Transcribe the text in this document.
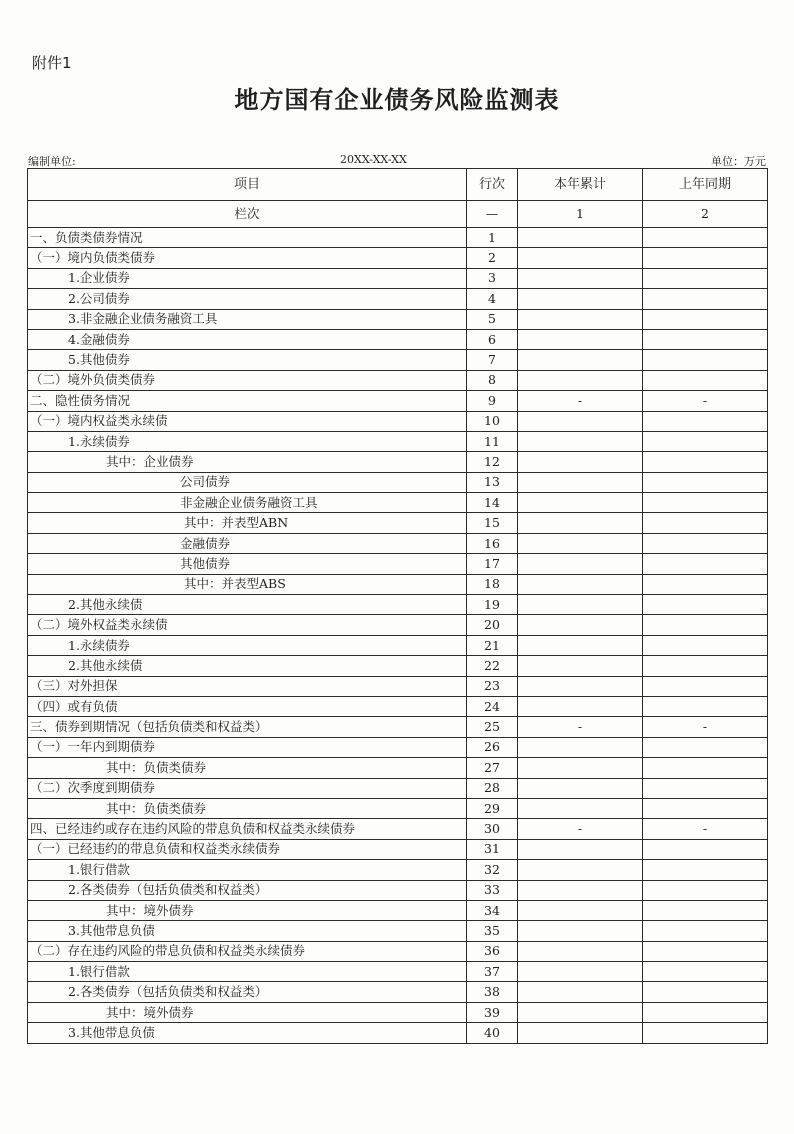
附件1
地方国有企业债务风险监测表
编制单位:	20XX-XX-XX	单位：万元
项目	行次	本年累计	上年同期
栏次	—	1	2
一、负债类债券情况	1		
（一）境内负债类债券	2		
1.企业债券	3		
2.公司债券	4		
3.非金融企业债务融资工具	5		
4.金融债券	6		
5.其他债券	7		
（二）境外负债类债券	8		
二、隐性债务情况	9	-	-
（一）境内权益类永续债	10		
1.永续债券	11		
其中：企业债券	12		
公司债券	13		
非金融企业债务融资工具	14		
其中：并表型ABN	15		
金融债券	16		
其他债券	17		
其中：并表型ABS	18		
2.其他永续债	19		
（二）境外权益类永续债	20		
1.永续债券	21		
2.其他永续债	22		
（三）对外担保	23		
（四）或有负债	24		
三、债券到期情况（包括负债类和权益类）	25	-	-
（一）一年内到期债券	26		
其中：负债类债券	27		
（二）次季度到期债券	28		
其中：负债类债券	29		
四、已经违约或存在违约风险的带息负债和权益类永续债券	30	-	-
（一）已经违约的带息负债和权益类永续债券	31		
1.银行借款	32		
2.各类债券（包括负债类和权益类）	33		
其中：境外债券	34		
3.其他带息负债	35		
（二）存在违约风险的带息负债和权益类永续债券	36		
1.银行借款	37		
2.各类债券（包括负债类和权益类）	38		
其中：境外债券	39		
3.其他带息负债	40		
